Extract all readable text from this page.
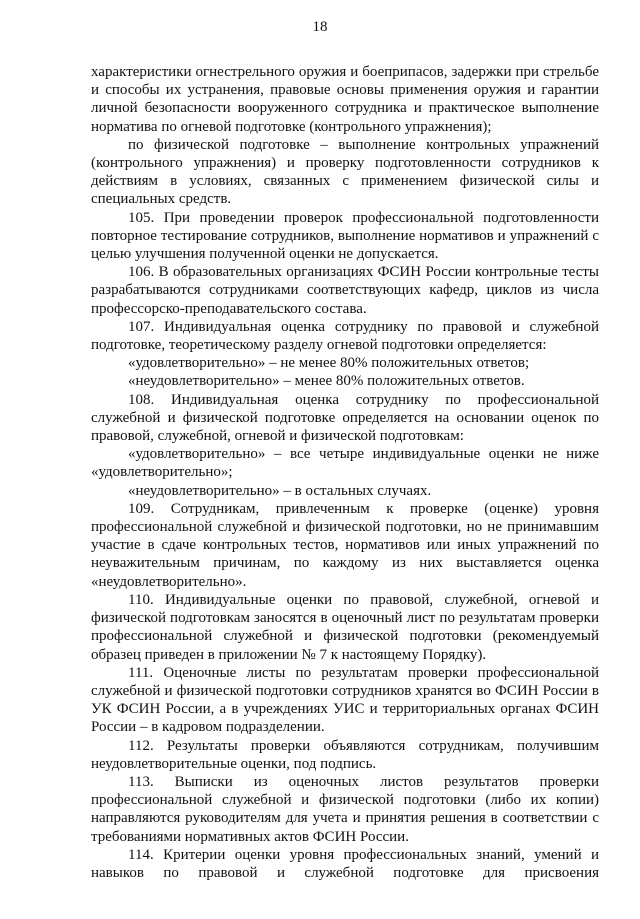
18

характеристики огнестрельного оружия и боеприпасов, задержки при стрельбе и способы их устранения, правовые основы применения оружия и гарантии личной безопасности вооруженного сотрудника и практическое выполнение норматива по огневой подготовке (контрольного упражнения);

по физической подготовке – выполнение контрольных упражнений (контрольного упражнения) и проверку подготовленности сотрудников к действиям в условиях, связанных с применением физической силы и специальных средств.

105. При проведении проверок профессиональной подготовленности повторное тестирование сотрудников, выполнение нормативов и упражнений с целью улучшения полученной оценки не допускается.

106. В образовательных организациях ФСИН России контрольные тесты разрабатываются сотрудниками соответствующих кафедр, циклов из числа профессорско-преподавательского состава.

107. Индивидуальная оценка сотруднику по правовой и служебной подготовке, теоретическому разделу огневой подготовки определяется:

«удовлетворительно» – не менее 80% положительных ответов;

«неудовлетворительно» – менее 80% положительных ответов.

108. Индивидуальная оценка сотруднику по профессиональной служебной и физической подготовке определяется на основании оценок по правовой, служебной, огневой и физической подготовкам:

«удовлетворительно» – все четыре индивидуальные оценки не ниже «удовлетворительно»;

«неудовлетворительно» – в остальных случаях.

109. Сотрудникам, привлеченным к проверке (оценке) уровня профессиональной служебной и физической подготовки, но не принимавшим участие в сдаче контрольных тестов, нормативов или иных упражнений по неуважительным причинам, по каждому из них выставляется оценка «неудовлетворительно».

110. Индивидуальные оценки по правовой, служебной, огневой и физической подготовкам заносятся в оценочный лист по результатам проверки профессиональной служебной и физической подготовки (рекомендуемый образец приведен в приложении № 7 к настоящему Порядку).

111. Оценочные листы по результатам проверки профессиональной служебной и физической подготовки сотрудников хранятся во ФСИН России в УК ФСИН России, а в учреждениях УИС и территориальных органах ФСИН России – в кадровом подразделении.

112. Результаты проверки объявляются сотрудникам, получившим неудовлетворительные оценки, под подпись.

113. Выписки из оценочных листов результатов проверки профессиональной служебной и физической подготовки (либо их копии) направляются руководителям для учета и принятия решения в соответствии с требованиями нормативных актов ФСИН России.

114. Критерии оценки уровня профессиональных знаний, умений и навыков по правовой и служебной подготовке для присвоения
